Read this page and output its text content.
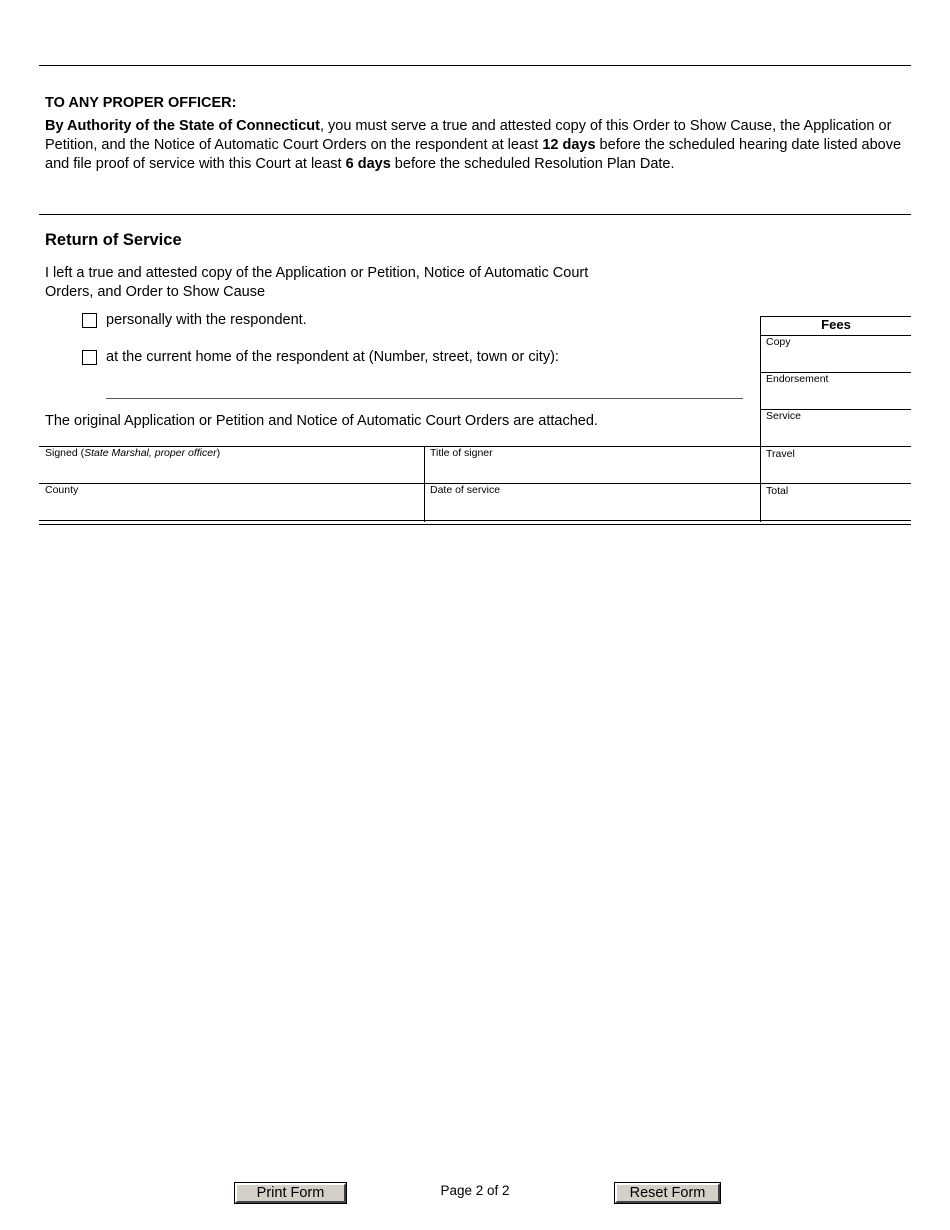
TO ANY PROPER OFFICER:
By Authority of the State of Connecticut, you must serve a true and attested copy of this Order to Show Cause, the Application or Petition, and the Notice of Automatic Court Orders on the respondent at least 12 days before the scheduled hearing date listed above and file proof of service with this Court at least 6 days before the scheduled Resolution Plan Date.
Return of Service
I left a true and attested copy of the Application or Petition, Notice of Automatic Court
Orders, and Order to Show Cause
personally with the respondent.
at the current home of the respondent at (Number, street, town or city):
The original Application or Petition and Notice of Automatic Court Orders are attached.
Fees
Copy
Endorsement
Service
Travel
Total
Signed (State Marshal, proper officer)	Title of signer
County	Date of service
Print Form	Page 2 of 2	Reset Form
